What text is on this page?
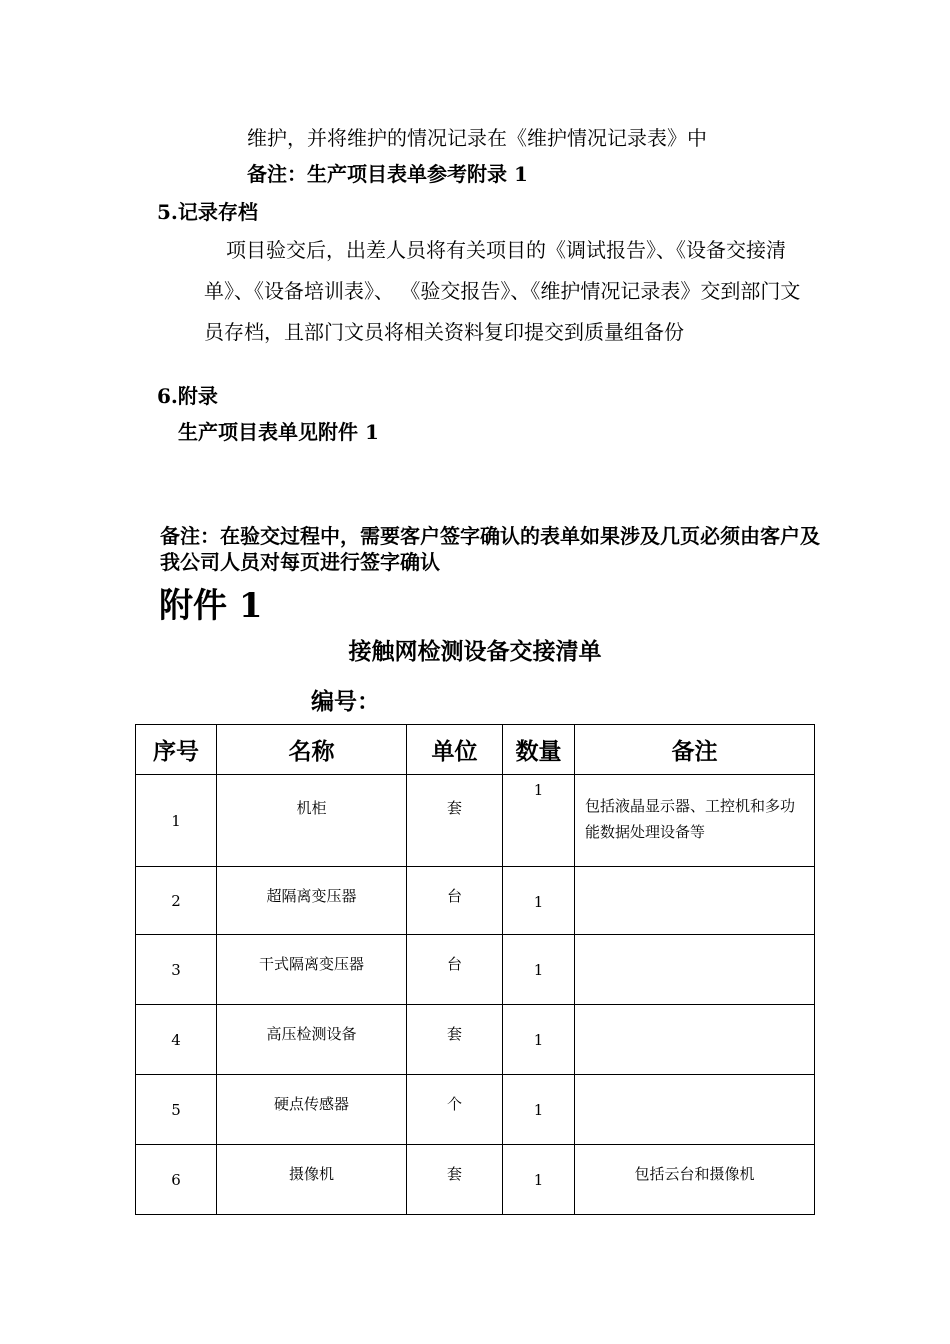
维护，并将维护的情况记录在《维护情况记录表》中
备注：生产项目表单参考附录 1
5.记录存档
项目验交后，出差人员将有关项目的《调试报告》、《设备交接清单》、《设备培训表》、 《验交报告》、《维护情况记录表》交到部门文员存档，且部门文员将相关资料复印提交到质量组备份
6.附录
生产项目表单见附件 1
备注：在验交过程中，需要客户签字确认的表单如果涉及几页必须由客户及我公司人员对每页进行签字确认
附件 1
接触网检测设备交接清单
编号：
序号	名称	单位	数量	备注
1	机柜	套	1	包括液晶显示器、工控机和多功能数据处理设备等

2	超隔离变压器	台	1	

3	干式隔离变压器	台	1	

4	高压检测设备	套	1	

5	硬点传感器	个	1	

6	摄像机	套	1	包括云台和摄像机
